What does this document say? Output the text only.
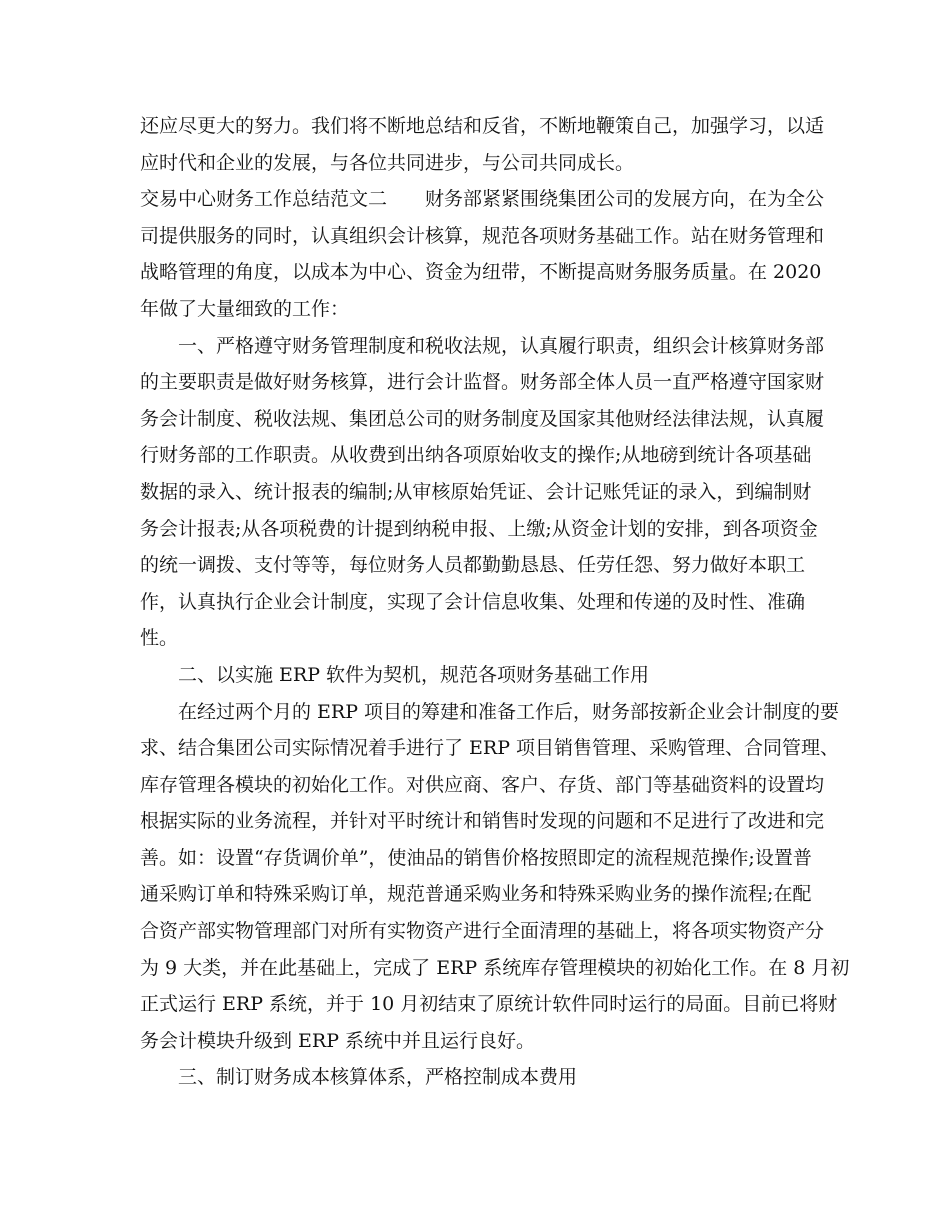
还应尽更大的努力。我们将不断地总结和反省，不断地鞭策自己，加强学习，以适
应时代和企业的发展，与各位共同进步，与公司共同成长。
交易中心财务工作总结范文二　　财务部紧紧围绕集团公司的发展方向，在为全公
司提供服务的同时，认真组织会计核算，规范各项财务基础工作。站在财务管理和
战略管理的角度，以成本为中心、资金为纽带，不断提高财务服务质量。在 2020
年做了大量细致的工作：
一、严格遵守财务管理制度和税收法规，认真履行职责，组织会计核算财务部
的主要职责是做好财务核算，进行会计监督。财务部全体人员一直严格遵守国家财
务会计制度、税收法规、集团总公司的财务制度及国家其他财经法律法规，认真履
行财务部的工作职责。从收费到出纳各项原始收支的操作;从地磅到统计各项基础
数据的录入、统计报表的编制;从审核原始凭证、会计记账凭证的录入，到编制财
务会计报表;从各项税费的计提到纳税申报、上缴;从资金计划的安排，到各项资金
的统一调拨、支付等等，每位财务人员都勤勤恳恳、任劳任怨、努力做好本职工
作，认真执行企业会计制度，实现了会计信息收集、处理和传递的及时性、准确
性。
二、以实施 ERP 软件为契机，规范各项财务基础工作用
在经过两个月的 ERP 项目的筹建和准备工作后，财务部按新企业会计制度的要
求、结合集团公司实际情况着手进行了 ERP 项目销售管理、采购管理、合同管理、
库存管理各模块的初始化工作。对供应商、客户、存货、部门等基础资料的设置均
根据实际的业务流程，并针对平时统计和销售时发现的问题和不足进行了改进和完
善。如：设置“存货调价单”，使油品的销售价格按照即定的流程规范操作;设置普
通采购订单和特殊采购订单，规范普通采购业务和特殊采购业务的操作流程;在配
合资产部实物管理部门对所有实物资产进行全面清理的基础上，将各项实物资产分
为 9 大类，并在此基础上，完成了 ERP 系统库存管理模块的初始化工作。在 8 月初
正式运行 ERP 系统，并于 10 月初结束了原统计软件同时运行的局面。目前已将财
务会计模块升级到 ERP 系统中并且运行良好。
三、制订财务成本核算体系，严格控制成本费用
